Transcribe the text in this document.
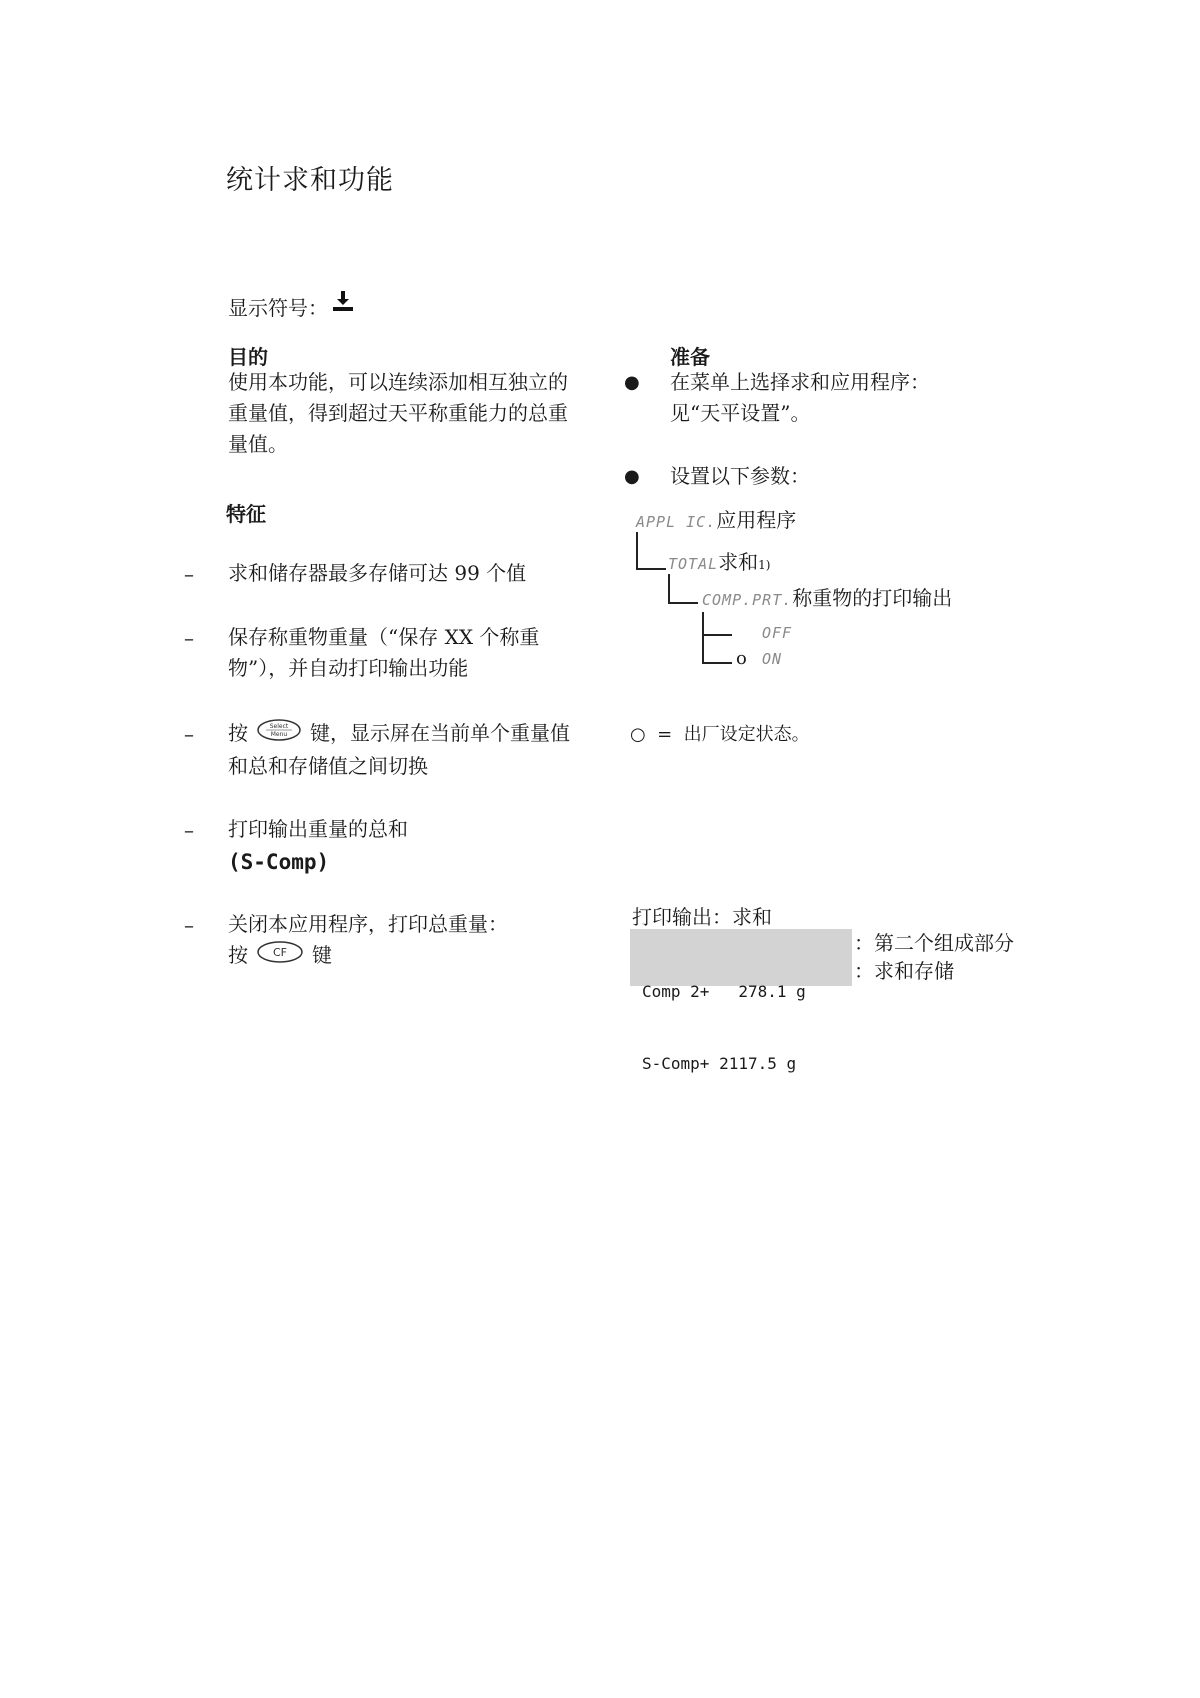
统计求和功能
显示符号：
目的
使用本功能，可以连续添加相互独立的
重量值，得到超过天平称重能力的总重
量值。
特征
– 求和储存器最多存储可达 99 个值
– 保存称重物重量（“保存 XX 个称重
物”），并自动打印输出功能
– 按	Select
Menu 键，显示屏在当前单个重量值
和总和存储值之间切换
– 打印输出重量的总和
(S-Comp)
– 关闭本应用程序，打印总重量：
按 CF 键
准备
● 在菜单上选择求和应用程序：
见“天平设置”。
● 设置以下参数：
APPL IC. 应用程序
TOTAL 求和 1)
COMP.PRT. 称重物的打印输出
OFF
o ON
○  =  出厂设定状态。
打印输出：求和

Comp 2+   278.1 g

S-Comp+ 2117.5 g

：第二个组成部分
：求和存储
